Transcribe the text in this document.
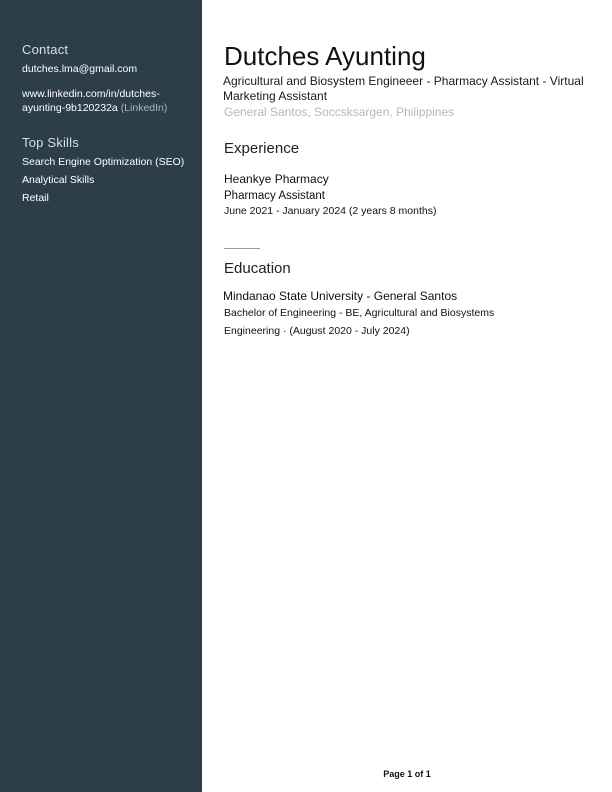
Contact
dutches.lma@gmail.com
www.linkedin.com/in/dutches-
ayunting-9b120232a (LinkedIn)
Top Skills
Search Engine Optimization (SEO)
Analytical Skills
Retail
Dutches Ayunting
Agricultural and Biosystem Engineeer - Pharmacy Assistant - Virtual Marketing Assistant
General Santos, Soccsksargen, Philippines
Experience
Heankye Pharmacy
Pharmacy Assistant
June 2021 - January 2024 (2 years 8 months)
Education
Mindanao State University - General Santos
Bachelor of Engineering - BE, Agricultural and Biosystems
Engineering · (August 2020 - July 2024)
Page 1 of 1
